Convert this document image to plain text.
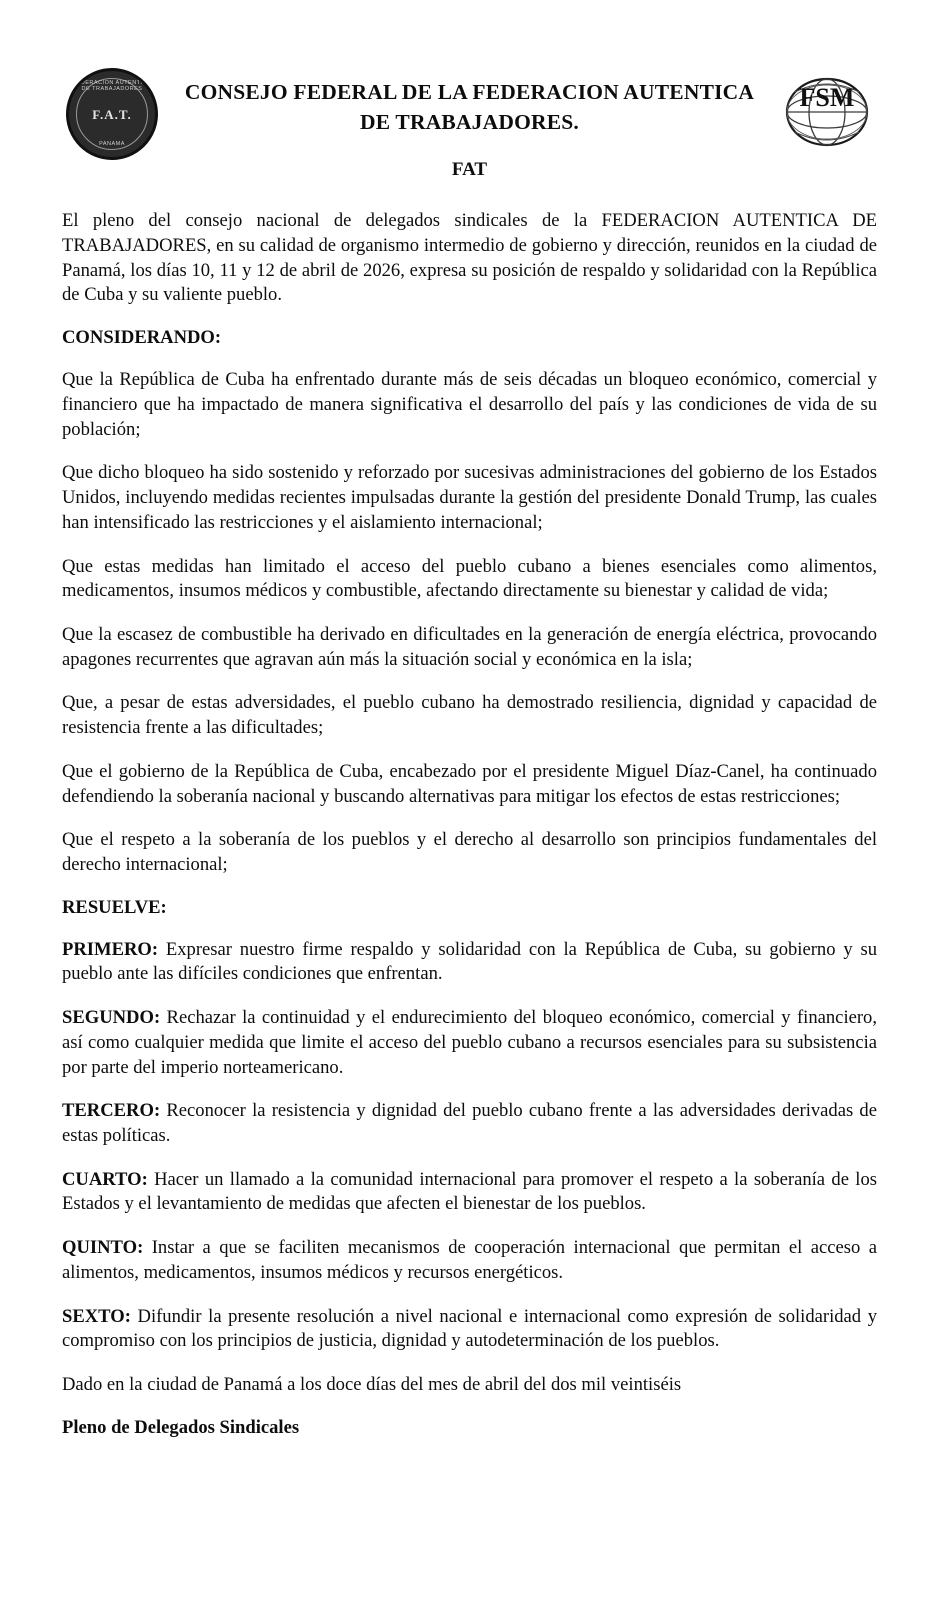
FEDERACION AUTENTICA DE TRABAJADORES
F.A.T.
PANAMA
CONSEJO FEDERAL DE LA FEDERACION AUTENTICA DE TRABAJADORES.
FAT
FSM

El pleno del consejo nacional de delegados sindicales de la FEDERACION AUTENTICA DE TRABAJADORES, en su calidad de organismo intermedio de gobierno y dirección, reunidos en la ciudad de Panamá, los días 10, 11 y 12 de abril de 2026, expresa su posición de respaldo y solidaridad con la República de Cuba y su valiente pueblo.

CONSIDERANDO:

Que la República de Cuba ha enfrentado durante más de seis décadas un bloqueo económico, comercial y financiero que ha impactado de manera significativa el desarrollo del país y las condiciones de vida de su población;

Que dicho bloqueo ha sido sostenido y reforzado por sucesivas administraciones del gobierno de los Estados Unidos, incluyendo medidas recientes impulsadas durante la gestión del presidente Donald Trump, las cuales han intensificado las restricciones y el aislamiento internacional;

Que estas medidas han limitado el acceso del pueblo cubano a bienes esenciales como alimentos, medicamentos, insumos médicos y combustible, afectando directamente su bienestar y calidad de vida;

Que la escasez de combustible ha derivado en dificultades en la generación de energía eléctrica, provocando apagones recurrentes que agravan aún más la situación social y económica en la isla;

Que, a pesar de estas adversidades, el pueblo cubano ha demostrado resiliencia, dignidad y capacidad de resistencia frente a las dificultades;

Que el gobierno de la República de Cuba, encabezado por el presidente Miguel Díaz-Canel, ha continuado defendiendo la soberanía nacional y buscando alternativas para mitigar los efectos de estas restricciones;

Que el respeto a la soberanía de los pueblos y el derecho al desarrollo son principios fundamentales del derecho internacional;

RESUELVE:

PRIMERO: Expresar nuestro firme respaldo y solidaridad con la República de Cuba, su gobierno y su pueblo ante las difíciles condiciones que enfrentan.

SEGUNDO: Rechazar la continuidad y el endurecimiento del bloqueo económico, comercial y financiero, así como cualquier medida que limite el acceso del pueblo cubano a recursos esenciales para su subsistencia por parte del imperio norteamericano.

TERCERO: Reconocer la resistencia y dignidad del pueblo cubano frente a las adversidades derivadas de estas políticas.

CUARTO: Hacer un llamado a la comunidad internacional para promover el respeto a la soberanía de los Estados y el levantamiento de medidas que afecten el bienestar de los pueblos.

QUINTO: Instar a que se faciliten mecanismos de cooperación internacional que permitan el acceso a alimentos, medicamentos, insumos médicos y recursos energéticos.

SEXTO: Difundir la presente resolución a nivel nacional e internacional como expresión de solidaridad y compromiso con los principios de justicia, dignidad y autodeterminación de los pueblos.

Dado en la ciudad de Panamá a los doce días del mes de abril del dos mil veintiséis

Pleno de Delegados Sindicales
